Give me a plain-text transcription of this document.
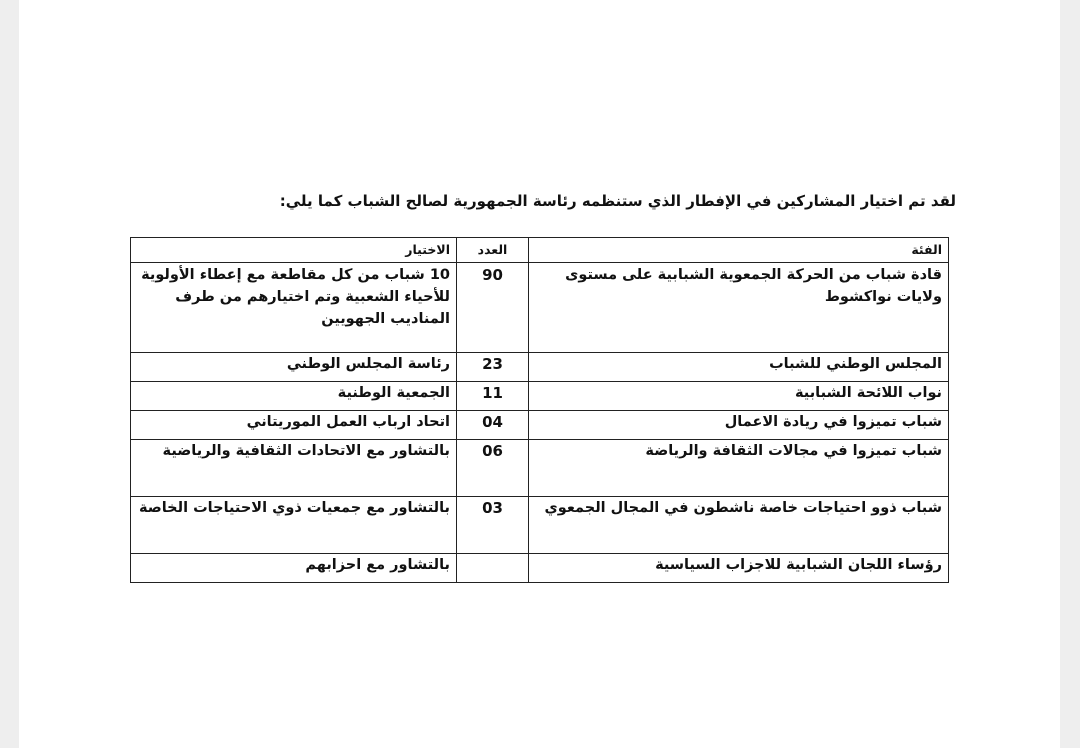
لقد تم اختيار المشاركين في الإفطار الذي ستنظمه رئاسة الجمهورية لصالح الشباب كما يلي:
الفئة	العدد	الاختيار
قادة شباب من الحركة الجمعوية الشبابية على مستوى ولايات نواكشوط	90	10 شباب من كل مقاطعة مع إعطاء الأولوية للأحياء الشعبية وتم اختيارهم من طرف المناديب الجهويين
المجلس الوطني للشباب	23	رئاسة المجلس الوطني
نواب اللائحة الشبابية	11	الجمعية الوطنية
شباب تميزوا في ريادة الاعمال	04	اتحاد ارباب العمل الموريتاني
شباب تميزوا في مجالات الثقافة والرياضة	06	بالتشاور مع الاتحادات الثقافية والرياضية
شباب ذوو احتياجات خاصة ناشطون في المجال الجمعوي	03	بالتشاور مع جمعيات ذوي الاحتياجات الخاصة
رؤساء اللجان الشبابية للاجزاب السياسية		بالتشاور مع احزابهم
